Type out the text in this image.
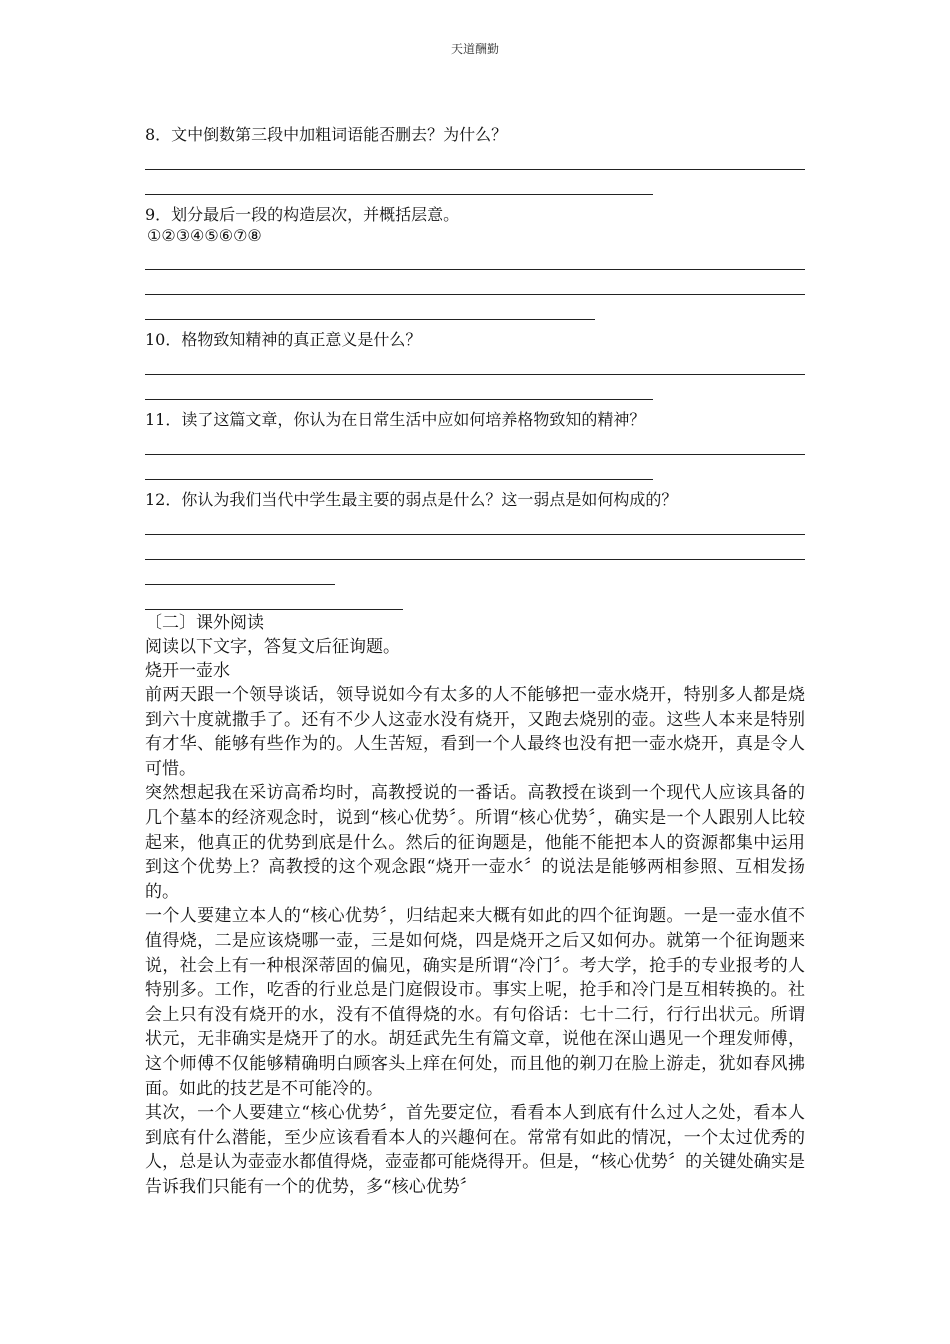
天道酬勤

8．文中倒数第三段中加粗词语能否删去？为什么？

9．划分最后一段的构造层次，并概括层意。

①②③④⑤⑥⑦⑧

10．格物致知精神的真正意义是什么？

11．读了这篇文章，你认为在日常生活中应如何培养格物致知的精神？

12．你认为我们当代中学生最主要的弱点是什么？这一弱点是如何构成的？

〔二〕课外阅读

阅读以下文字，答复文后征询题。

烧开一壶水

前两天跟一个领导谈话，领导说如今有太多的人不能够把一壶水烧开，特别多人都是烧到六十度就撒手了。还有不少人这壶水没有烧开，又跑去烧别的壶。这些人本来是特别有才华、能够有些作为的。人生苦短，看到一个人最终也没有把一壶水烧开，真是令人可惜。

突然想起我在采访高希均时，高教授说的一番话。高教授在谈到一个现代人应该具备的几个墓本的经济观念时，说到“核心优势〞。所谓“核心优势〞，确实是一个人跟别人比较起来，他真正的优势到底是什么。然后的征询题是，他能不能把本人的资源都集中运用到这个优势上？高教授的这个观念跟“烧开一壶水〞的说法是能够两相参照、互相发扬的。

一个人要建立本人的“核心优势〞，归结起来大概有如此的四个征询题。一是一壶水值不值得烧，二是应该烧哪一壶，三是如何烧，四是烧开之后又如何办。就第一个征询题来说，社会上有一种根深蒂固的偏见，确实是所谓“冷门〞。考大学，抢手的专业报考的人特别多。工作，吃香的行业总是门庭假设市。事实上呢，抢手和冷门是互相转换的。社会上只有没有烧开的水，没有不值得烧的水。有句俗话：七十二行，行行出状元。所谓状元，无非确实是烧开了的水。胡廷武先生有篇文章，说他在深山遇见一个理发师傅，这个师傅不仅能够精确明白顾客头上痒在何处，而且他的剃刀在脸上游走，犹如春风拂面。如此的技艺是不可能冷的。

其次，一个人要建立“核心优势〞，首先要定位，看看本人到底有什么过人之处，看本人到底有什么潜能，至少应该看看本人的兴趣何在。常常有如此的情况，一个太过优秀的人，总是认为壶壶水都值得烧，壶壶都可能烧得开。但是，“核心优势〞的关键处确实是告诉我们只能有一个的优势，多“核心优势〞
